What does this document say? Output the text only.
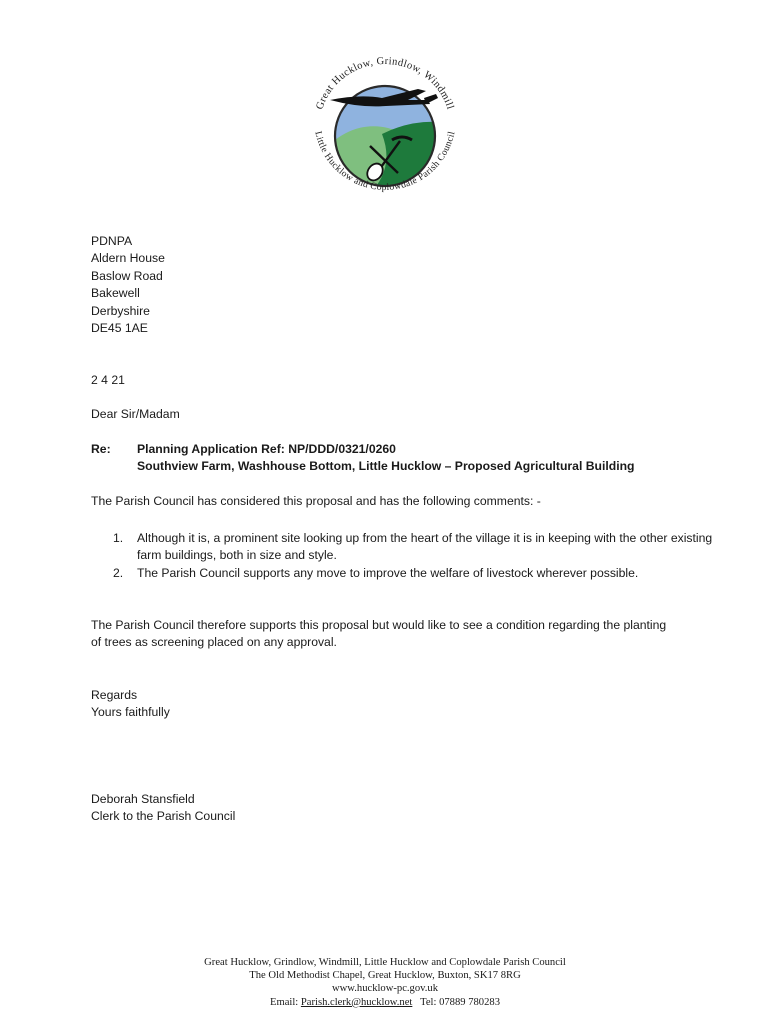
Great Hucklow, Grindlow, Windmill
Little Hucklow and Coplowdale Parish Council
PDNPA
Aldern House
Baslow Road
Bakewell
Derbyshire
DE45 1AE
2 4 21
Dear Sir/Madam
Re:	Planning Application Ref: NP/DDD/0321/0260
Southview Farm, Washhouse Bottom, Little Hucklow – Proposed Agricultural Building
The Parish Council has considered this proposal and has the following comments: -
1. Although it is, a prominent site looking up from the heart of the village it is in keeping with the other existing farm buildings, both in size and style.
2. The Parish Council supports any move to improve the welfare of livestock wherever possible.
The Parish Council therefore supports this proposal but would like to see a condition regarding the planting of trees as screening placed on any approval.
Regards
Yours faithfully
Deborah Stansfield
Clerk to the Parish Council
Great Hucklow, Grindlow, Windmill, Little Hucklow and Coplowdale Parish Council
The Old Methodist Chapel, Great Hucklow, Buxton, SK17 8RG
www.hucklow-pc.gov.uk
Email: Parish.clerk@hucklow.net Tel: 07889 780283
